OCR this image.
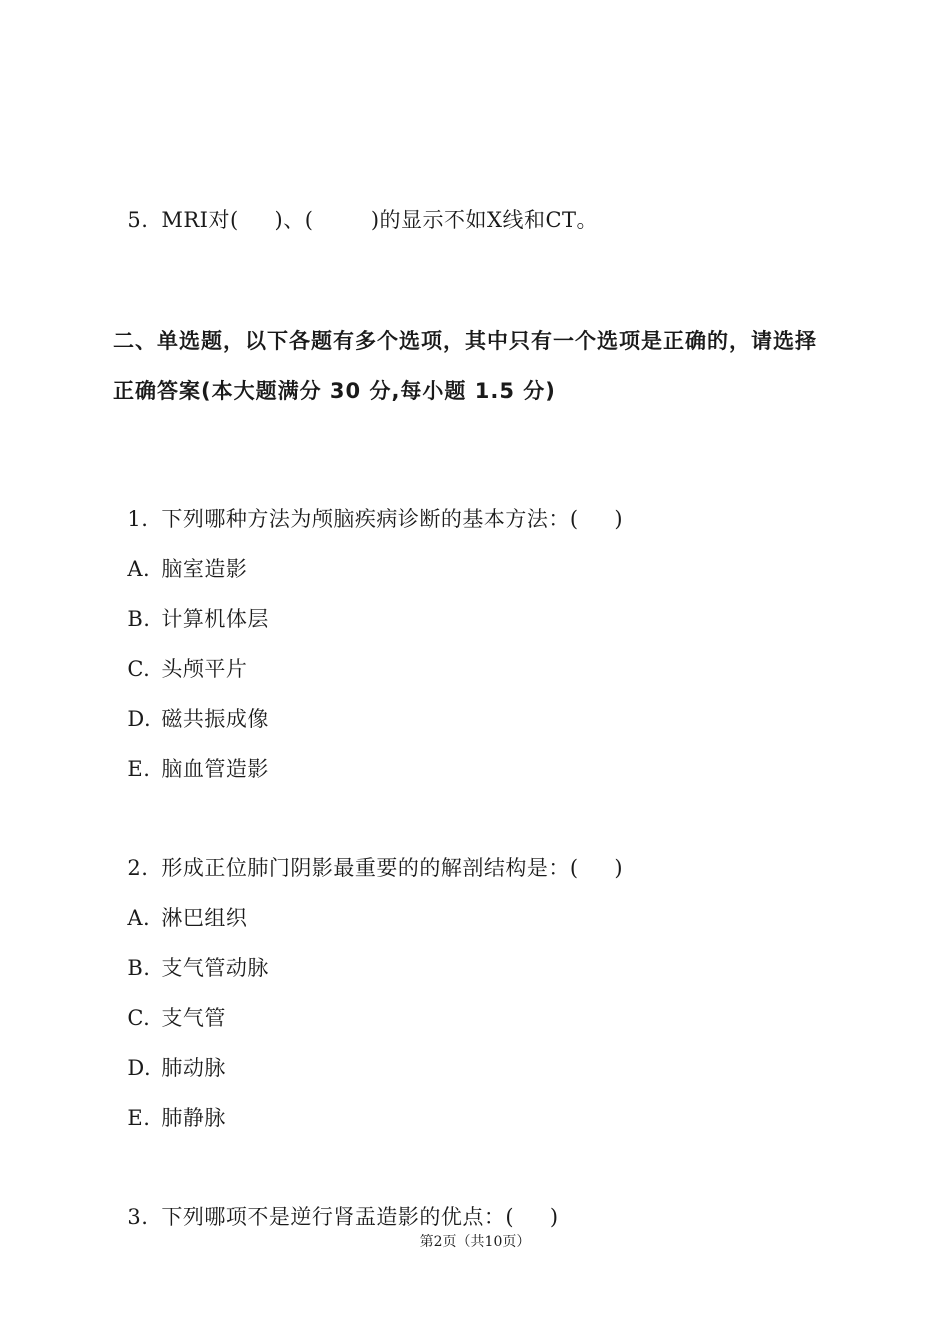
5. MRI对(     )、(        )的显示不如X线和CT。

二、单选题，以下各题有多个选项，其中只有一个选项是正确的，请选择
正确答案(本大题满分 30 分,每小题 1.5 分)

1. 下列哪种方法为颅脑疾病诊断的基本方法：(     )

A. 脑室造影

B. 计算机体层

C. 头颅平片

D. 磁共振成像

E. 脑血管造影

2. 形成正位肺门阴影最重要的的解剖结构是：(     )

A. 淋巴组织

B. 支气管动脉

C. 支气管

D. 肺动脉

E. 肺静脉

3. 下列哪项不是逆行肾盂造影的优点：(     )

第2页（共10页）
